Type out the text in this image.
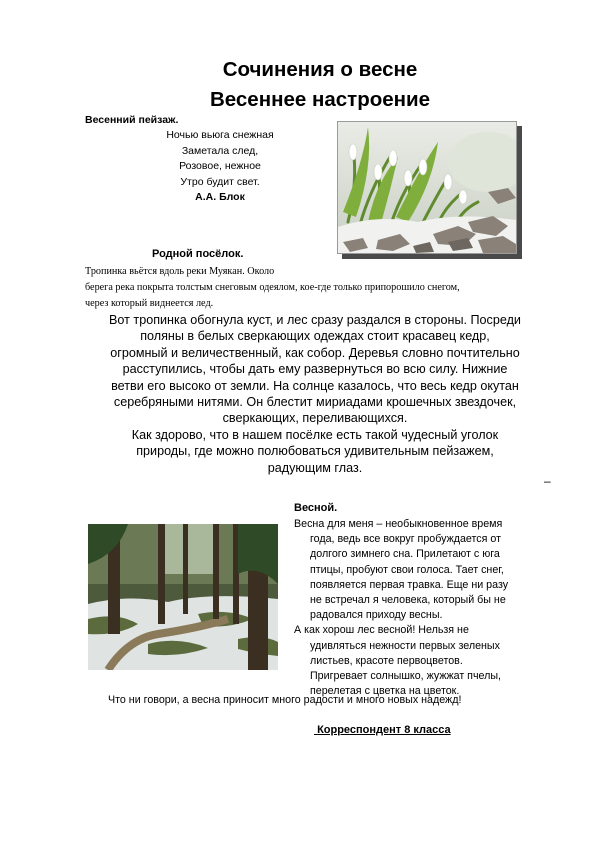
Сочинения о весне
Весеннее настроение
Весенний пейзаж.
Ночью вьюга снежная
Заметала след,
Розовое, нежное
Утро будит свет.
А.А. Блок
Родной посёлок.
Тропинка вьётся вдоль реки Муякан. Около
берега река покрыта толстым снеговым одеялом, кое-где только припорошило снегом,
через который виднеется лед.
Вот тропинка обогнула куст, и лес сразу раздался в стороны. Посреди
поляны в белых сверкающих одеждах стоит красавец кедр,
огромный и величественный, как собор. Деревья словно почтительно
расступились, чтобы дать ему развернуться во всю силу. Нижние
ветви его высоко от земли. На солнце казалось, что весь кедр окутан
серебряными нитями. Он блестит мириадами крошечных звездочек,
сверкающих, переливающихся.
Как здорово, что в нашем посёлке есть такой чудесный уголок
природы, где можно полюбоваться удивительным пейзажем,
радующим глаз.
–
Весной.

Весна для меня – необыкновенное время

года, ведь все вокруг пробуждается от

долгого зимнего сна. Прилетают с юга

птицы, пробуют свои голоса. Тает снег,

появляется первая травка. Еще ни разу

не встречал я человека, который бы не

радовался приходу весны.

А как хорош лес весной! Нельзя не

удивляться нежности первых зеленых

листьев, красоте первоцветов.

Пригревает солнышко, жужжат пчелы,

перелетая с цветка на цветок.

Что ни говори, а весна приносит много радости и много новых надежд!
Корреспондент 8 класса
